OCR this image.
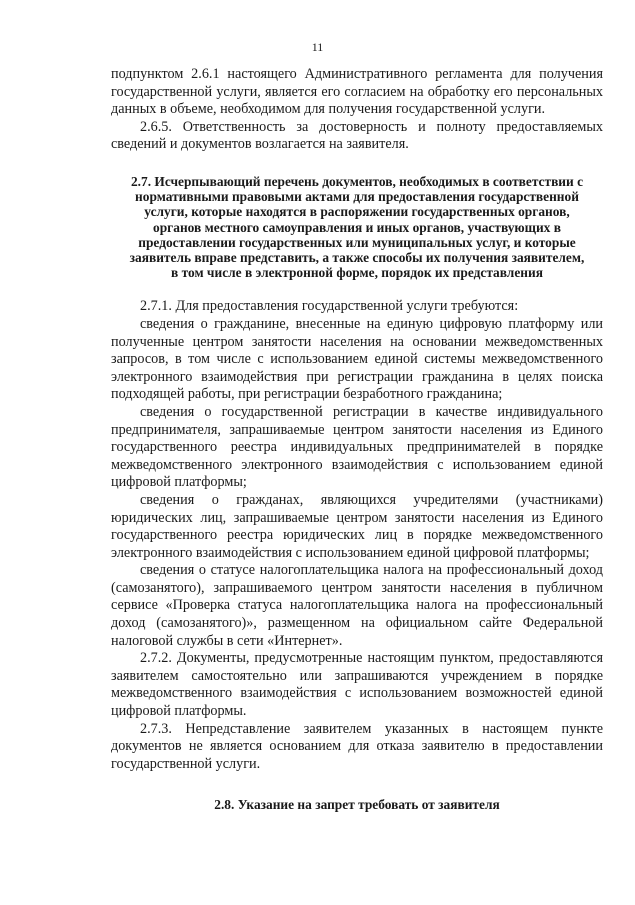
11

подпунктом 2.6.1 настоящего Административного регламента для получения государственной услуги, является его согласием на обработку его персональных данных в объеме, необходимом для получения государственной услуги.

2.6.5. Ответственность за достоверность и полноту предоставляемых сведений и документов возлагается на заявителя.

2.7. Исчерпывающий перечень документов, необходимых в соответствии с нормативными правовыми актами для предоставления государственной услуги, которые находятся в распоряжении государственных органов, органов местного самоуправления и иных органов, участвующих в предоставлении государственных или муниципальных услуг, и которые заявитель вправе представить, а также способы их получения заявителем, в том числе в электронной форме, порядок их представления

2.7.1. Для предоставления государственной услуги требуются:

сведения о гражданине, внесенные на единую цифровую платформу или полученные центром занятости населения на основании межведомственных запросов, в том числе с использованием единой системы межведомственного электронного взаимодействия при регистрации гражданина в целях поиска подходящей работы, при регистрации безработного гражданина;

сведения о государственной регистрации в качестве индивидуального предпринимателя, запрашиваемые центром занятости населения из Единого государственного реестра индивидуальных предпринимателей в порядке межведомственного электронного взаимодействия с использованием единой цифровой платформы;

сведения о гражданах, являющихся учредителями (участниками) юридических лиц, запрашиваемые центром занятости населения из Единого государственного реестра юридических лиц в порядке межведомственного электронного взаимодействия с использованием единой цифровой платформы;

сведения о статусе налогоплательщика налога на профессиональный доход (самозанятого), запрашиваемого центром занятости населения в публичном сервисе «Проверка статуса налогоплательщика налога на профессиональный доход (самозанятого)», размещенном на официальном сайте Федеральной налоговой службы в сети «Интернет».

2.7.2. Документы, предусмотренные настоящим пунктом, предоставляются заявителем самостоятельно или запрашиваются учреждением в порядке межведомственного взаимодействия с использованием возможностей единой цифровой платформы.

2.7.3. Непредставление заявителем указанных в настоящем пункте документов не является основанием для отказа заявителю в предоставлении государственной услуги.

2.8. Указание на запрет требовать от заявителя
